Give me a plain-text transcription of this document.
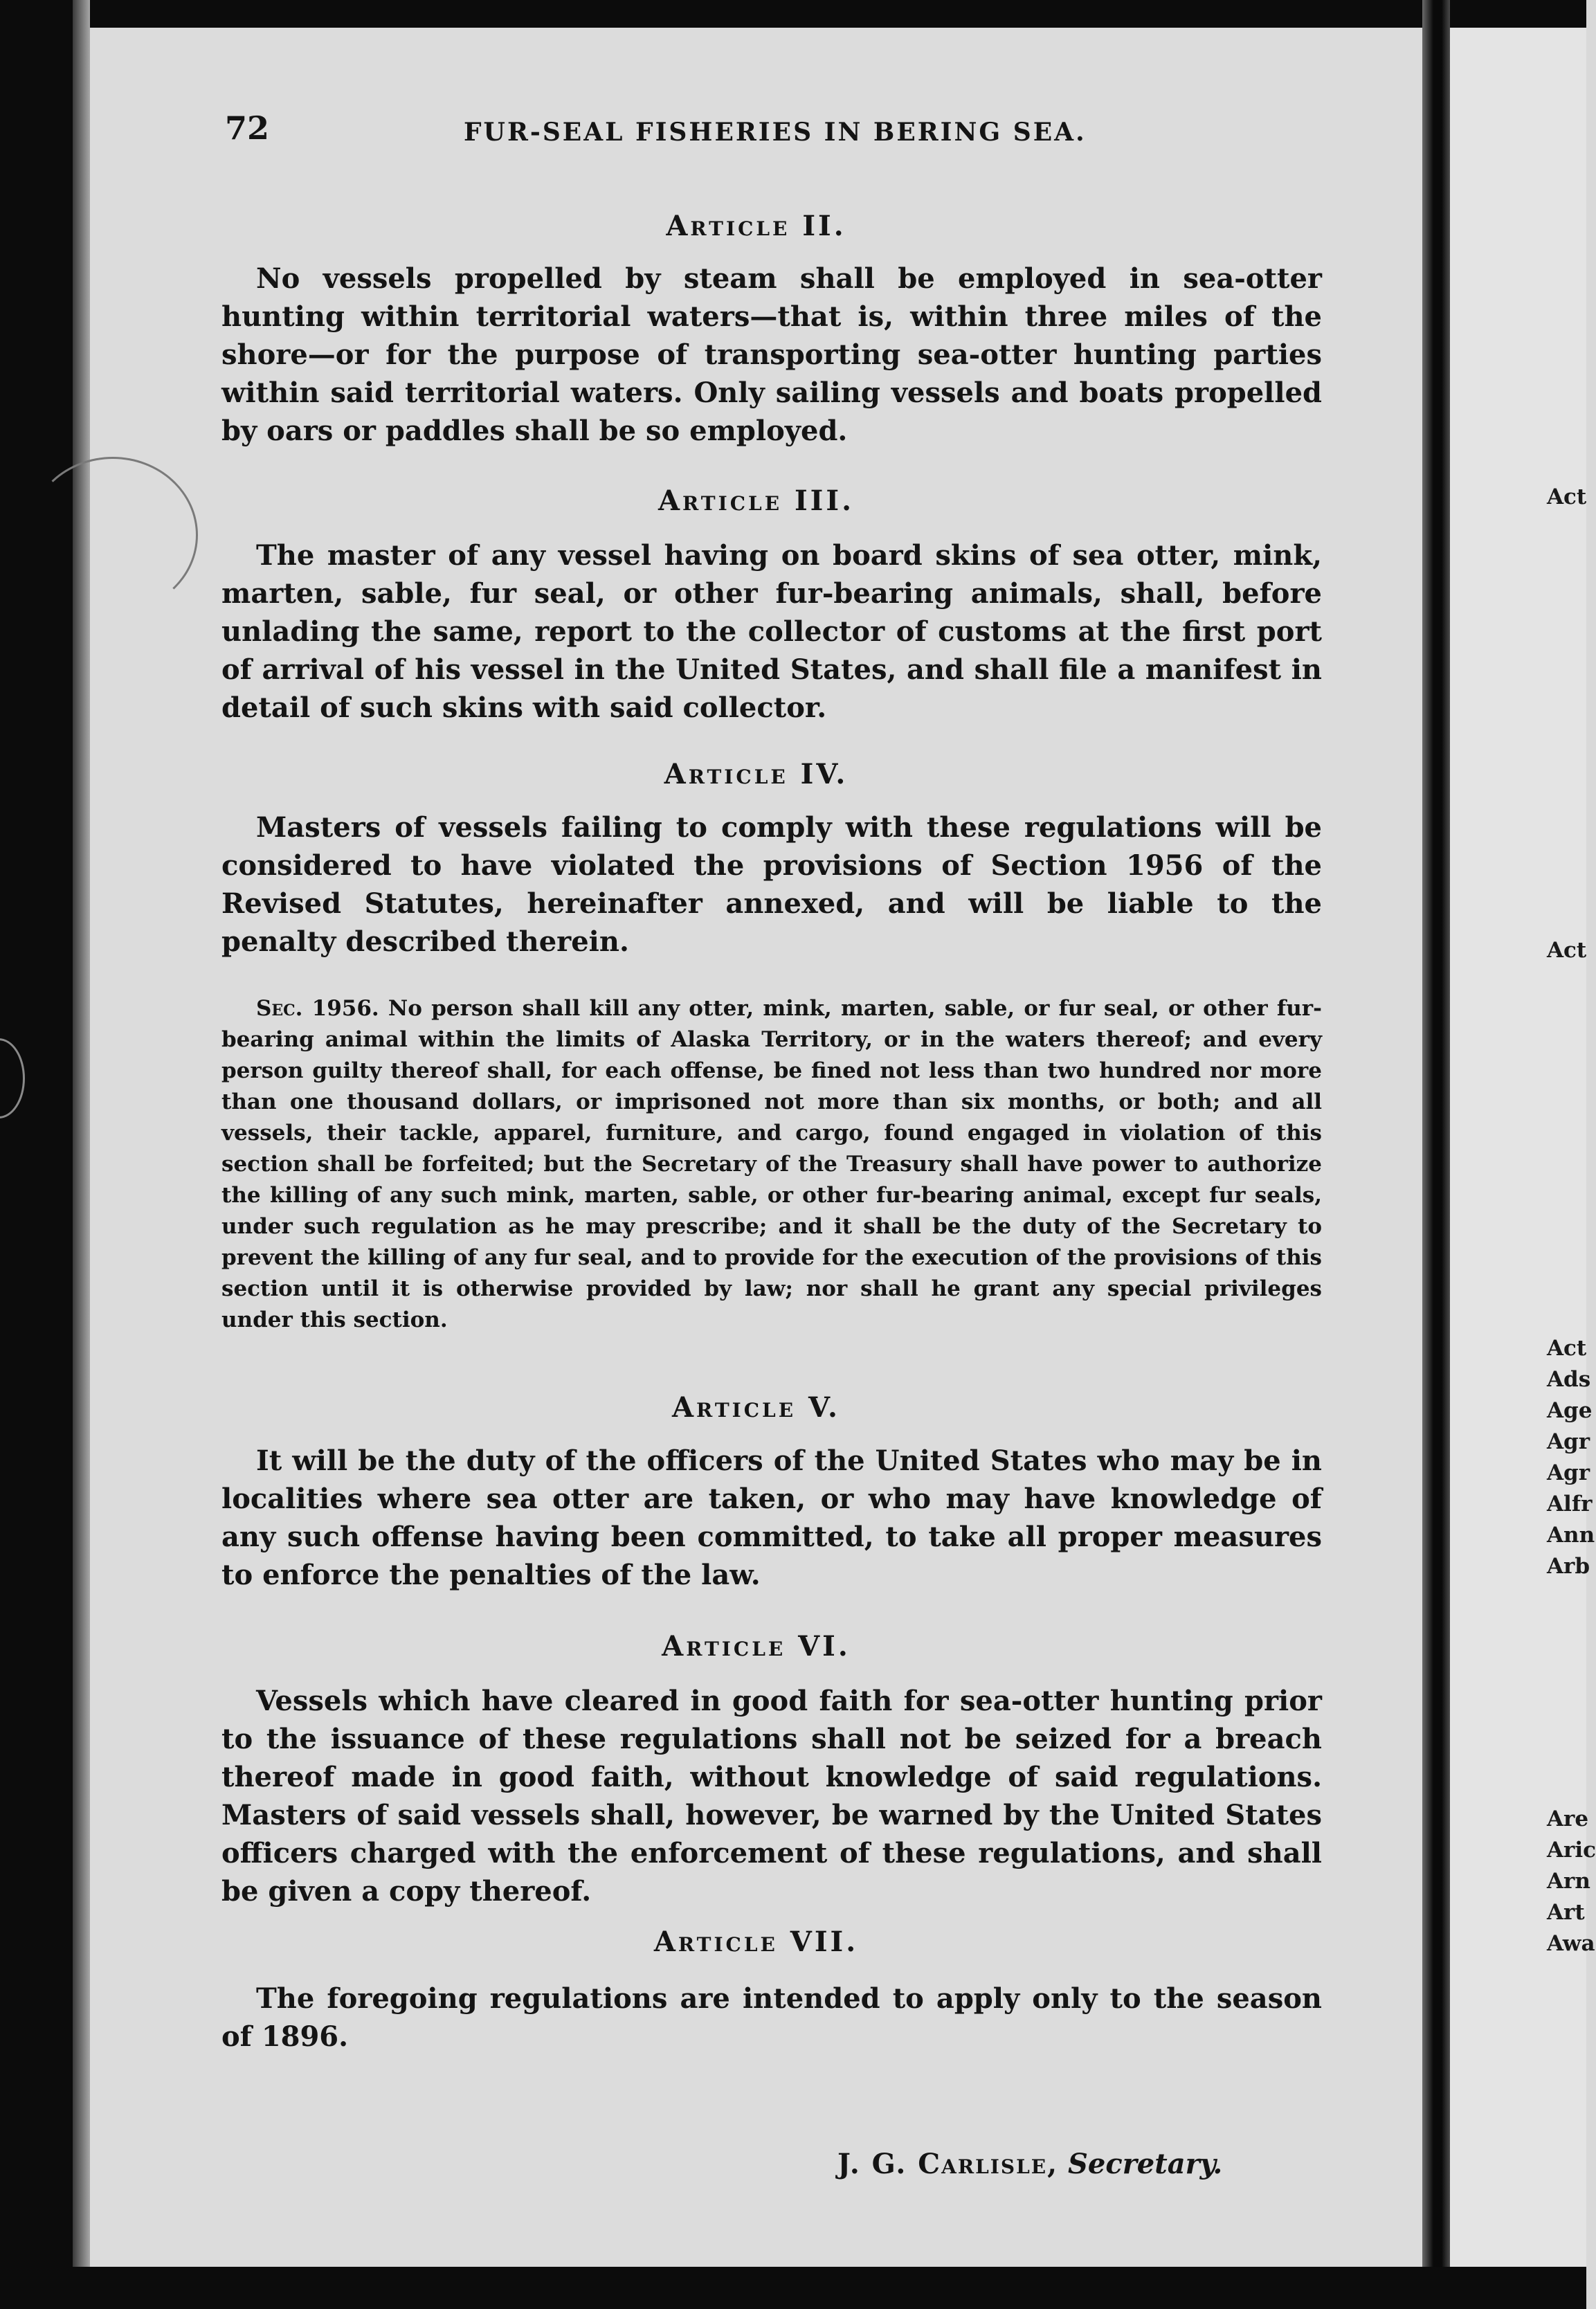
Act
Act
Act
Ads
Age
Agr
Agr
Alfr
Ann
Arb
Are
Aric
Arn
Art
Awa
72	FUR-SEAL FISHERIES IN BERING SEA.
Article II.
No vessels propelled by steam shall be employed in sea-otter hunting within territorial waters—that is, within three miles of the shore—or for the purpose of transporting sea-otter hunting parties within said territorial waters. Only sailing vessels and boats propelled by oars or paddles shall be so employed.
Article III.
The master of any vessel having on board skins of sea otter, mink, marten, sable, fur seal, or other fur-bearing animals, shall, before unlading the same, report to the collector of customs at the first port of arrival of his vessel in the United States, and shall file a manifest in detail of such skins with said collector.
Article IV.
Masters of vessels failing to comply with these regulations will be considered to have violated the provisions of Section 1956 of the Revised Statutes, hereinafter annexed, and will be liable to the penalty described therein.
Sec. 1956. No person shall kill any otter, mink, marten, sable, or fur seal, or other fur-bearing animal within the limits of Alaska Territory, or in the waters thereof; and every person guilty thereof shall, for each offense, be fined not less than two hundred nor more than one thousand dollars, or imprisoned not more than six months, or both; and all vessels, their tackle, apparel, furniture, and cargo, found engaged in violation of this section shall be forfeited; but the Secretary of the Treasury shall have power to authorize the killing of any such mink, marten, sable, or other fur-bearing animal, except fur seals, under such regulation as he may prescribe; and it shall be the duty of the Secretary to prevent the killing of any fur seal, and to provide for the execution of the provisions of this section until it is otherwise provided by law; nor shall he grant any special privileges under this section.
Article V.
It will be the duty of the officers of the United States who may be in localities where sea otter are taken, or who may have knowledge of any such offense having been committed, to take all proper measures to enforce the penalties of the law.
Article VI.
Vessels which have cleared in good faith for sea-otter hunting prior to the issuance of these regulations shall not be seized for a breach thereof made in good faith, without knowledge of said regulations. Masters of said vessels shall, however, be warned by the United States officers charged with the enforcement of these regulations, and shall be given a copy thereof.
Article VII.
The foregoing regulations are intended to apply only to the season of 1896.
J. G. Carlisle, Secretary.
